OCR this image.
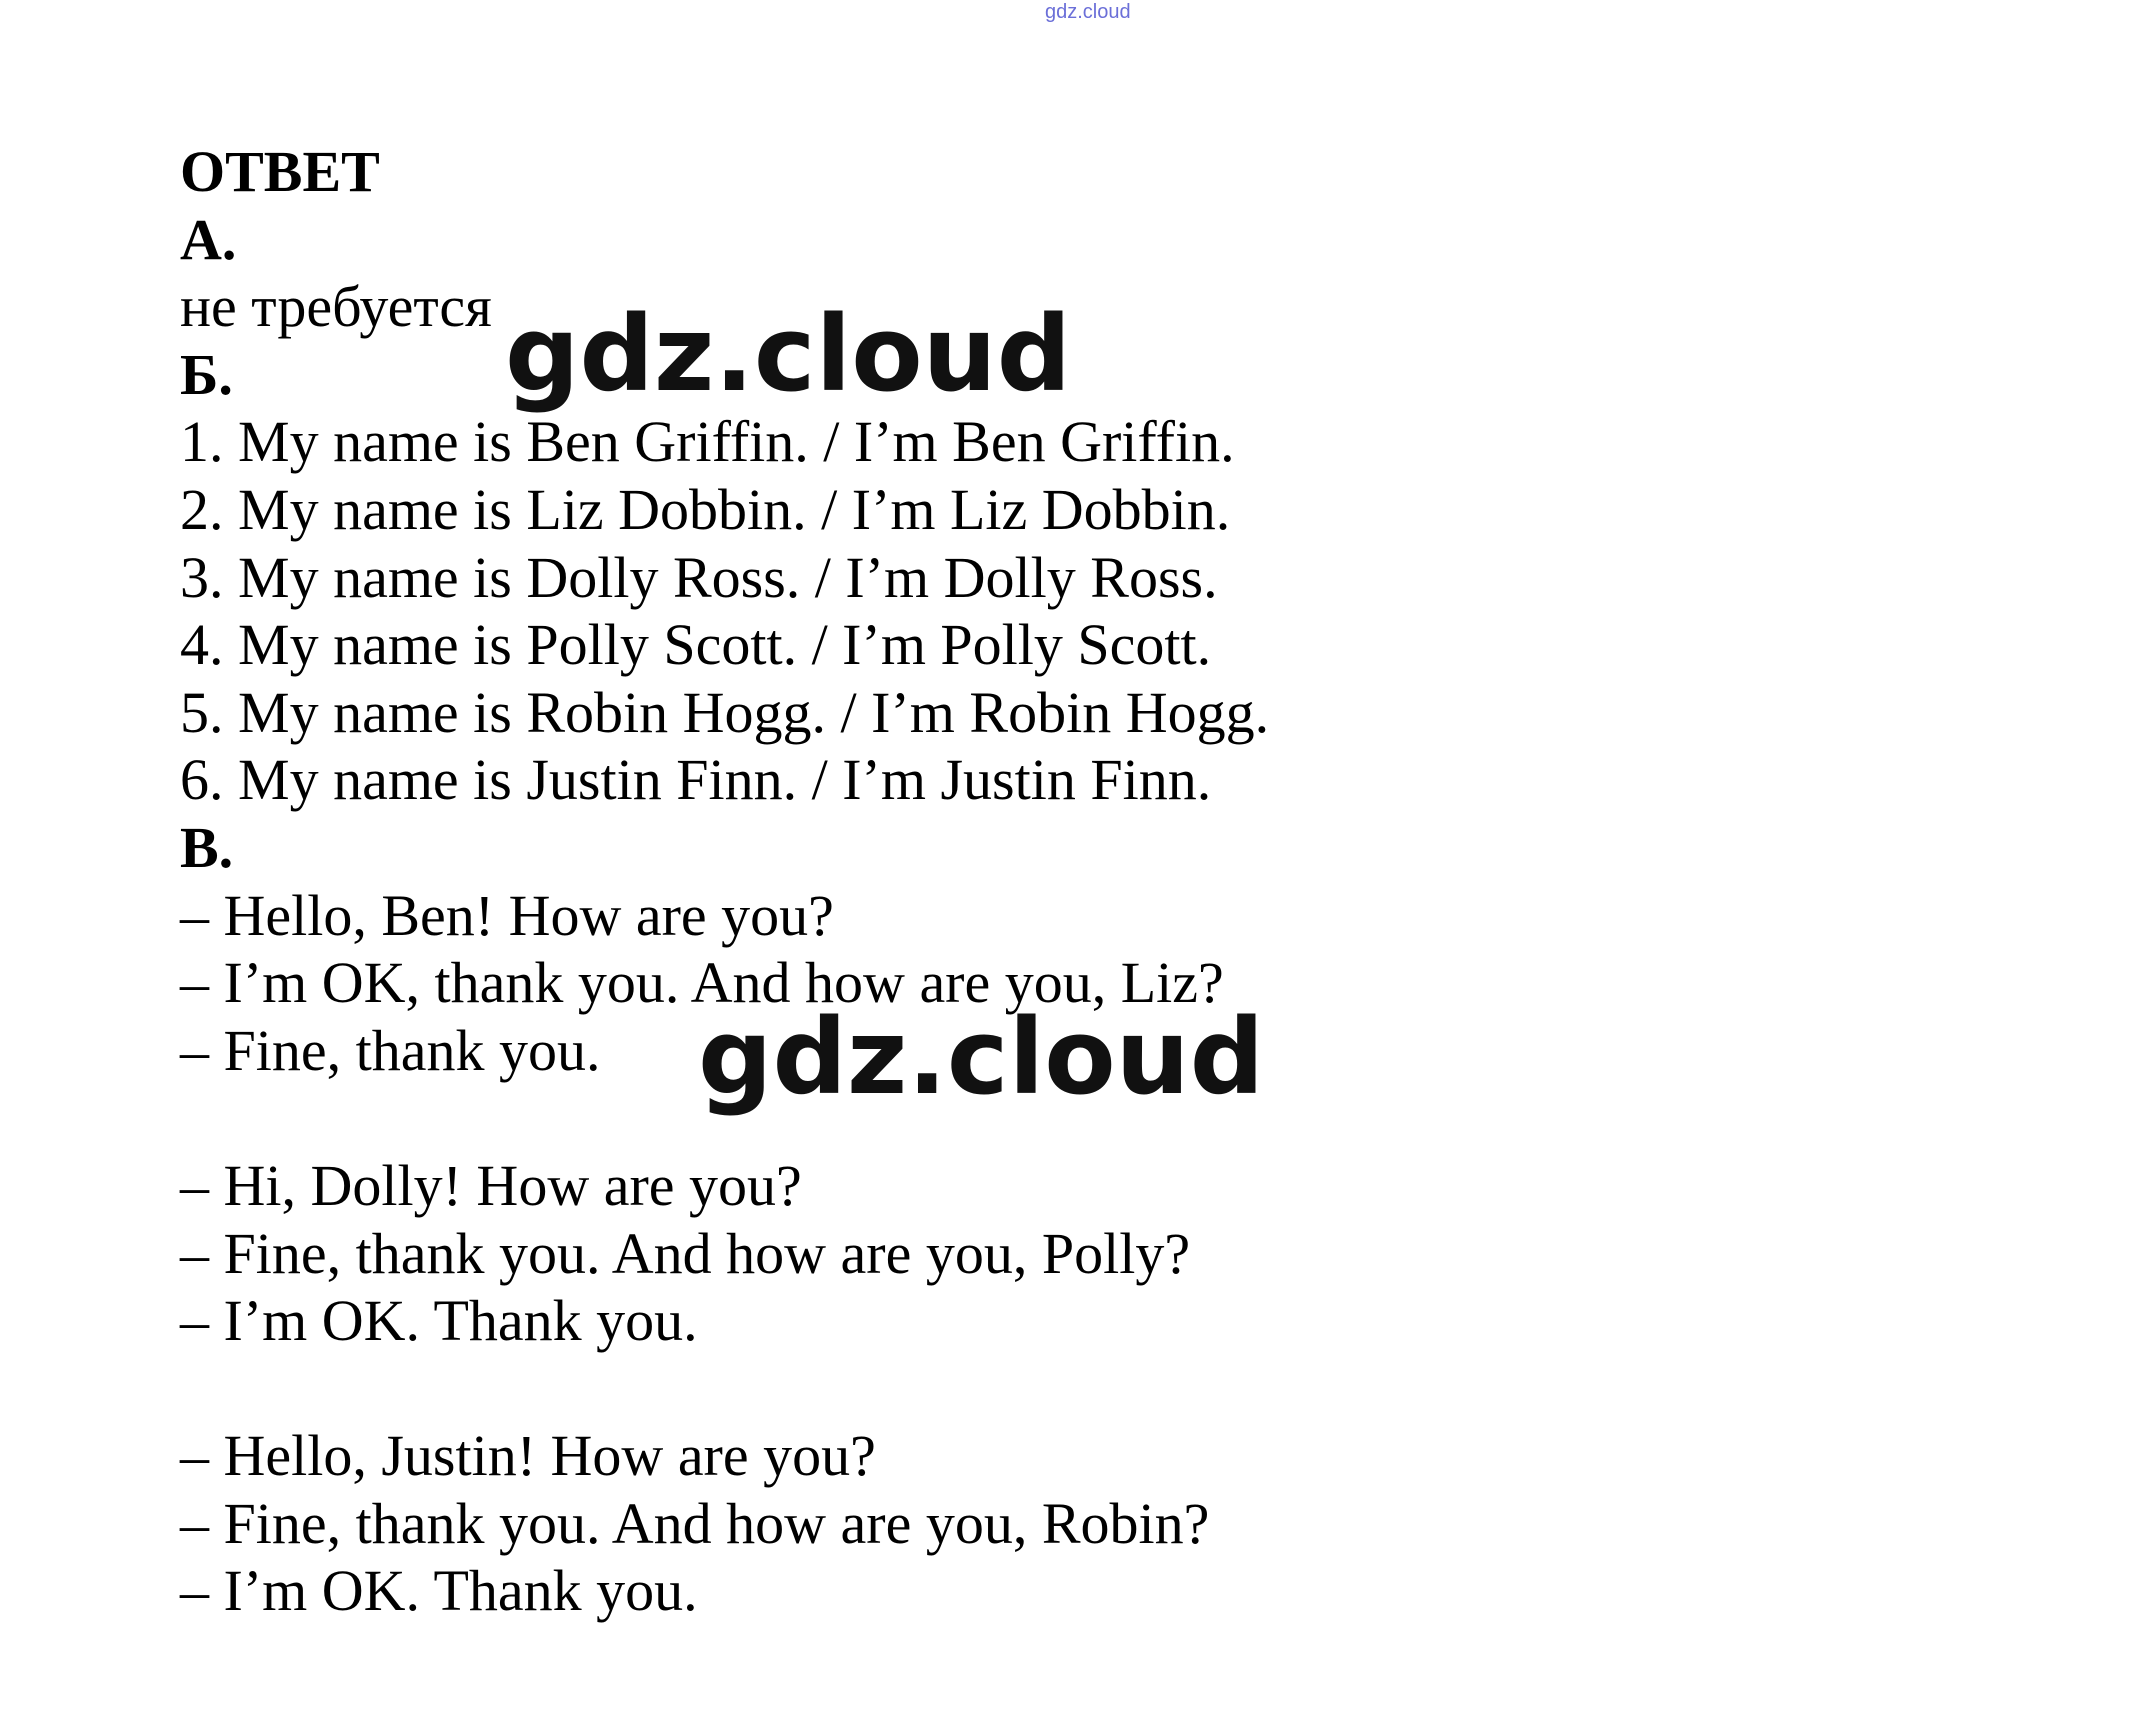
gdz.cloud
ОТВЕТ
А.
не требуется
Б.
1. My name is Ben Griffin. / I’m Ben Griffin.
2. My name is Liz Dobbin. / I’m Liz Dobbin.
3. My name is Dolly Ross. / I’m Dolly Ross.
4. My name is Polly Scott. / I’m Polly Scott.
5. My name is Robin Hogg. / I’m Robin Hogg.
6. My name is Justin Finn. / I’m Justin Finn.
В.
– Hello, Ben! How are you?
– I’m OK, thank you. And how are you, Liz?
– Fine, thank you.
– Hi, Dolly! How are you?
– Fine, thank you. And how are you, Polly?
– I’m OK. Thank you.
– Hello, Justin! How are you?
– Fine, thank you. And how are you, Robin?
– I’m OK. Thank you.
gdz.cloud
gdz.cloud
